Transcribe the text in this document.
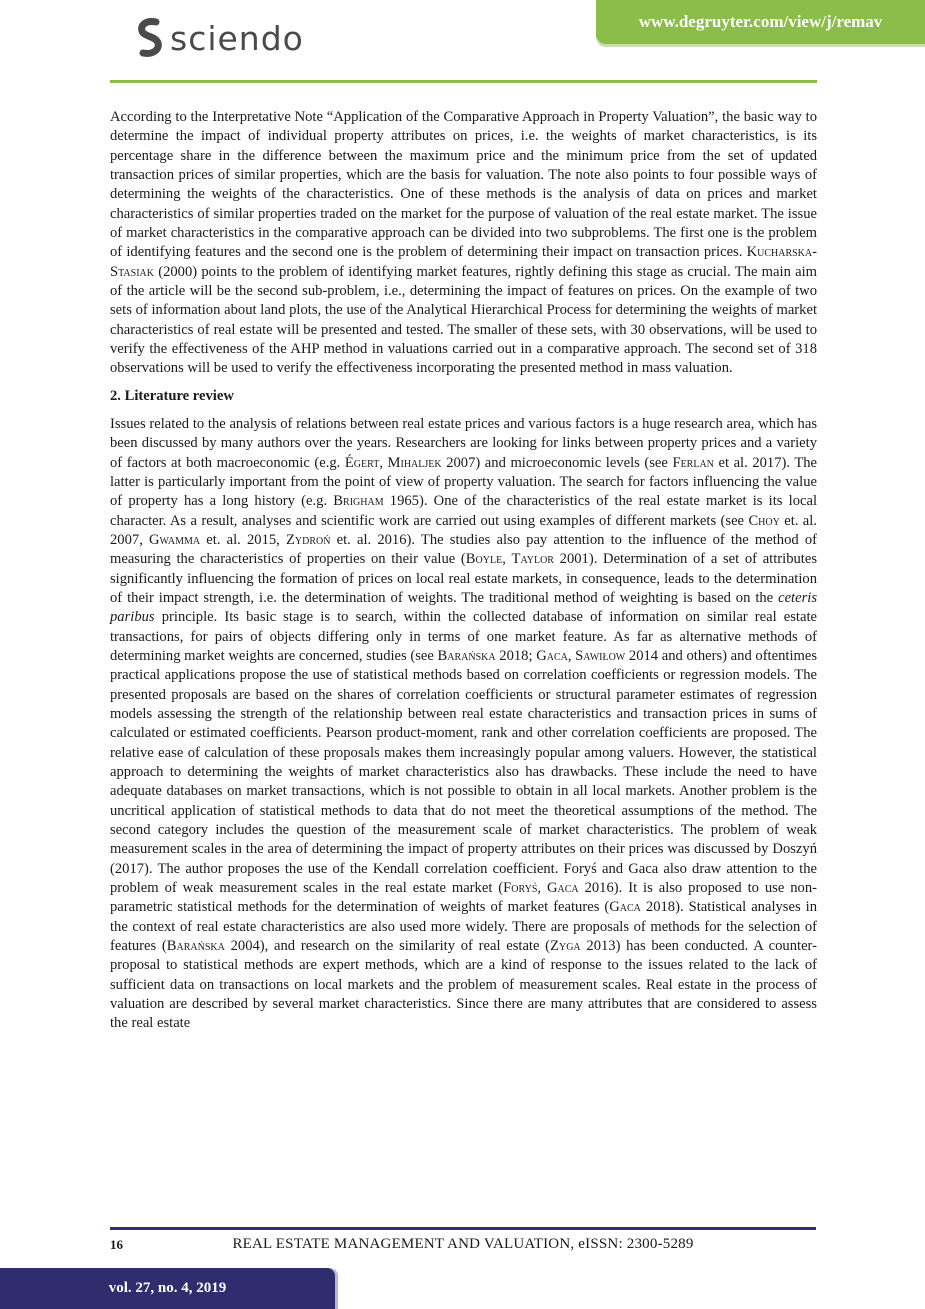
sciendo	www.degruyter.com/view/j/remav

According to the Interpretative Note “Application of the Comparative Approach in Property Valuation”, the basic way to determine the impact of individual property attributes on prices, i.e. the weights of market characteristics, is its percentage share in the difference between the maximum price and the minimum price from the set of updated transaction prices of similar properties, which are the basis for valuation. The note also points to four possible ways of determining the weights of the characteristics. One of these methods is the analysis of data on prices and market characteristics of similar properties traded on the market for the purpose of valuation of the real estate market. The issue of market characteristics in the comparative approach can be divided into two subproblems. The first one is the problem of identifying features and the second one is the problem of determining their impact on transaction prices. Kucharska-Stasiak (2000) points to the problem of identifying market features, rightly defining this stage as crucial. The main aim of the article will be the second sub-problem, i.e., determining the impact of features on prices. On the example of two sets of information about land plots, the use of the Analytical Hierarchical Process for determining the weights of market characteristics of real estate will be presented and tested. The smaller of these sets, with 30 observations, will be used to verify the effectiveness of the AHP method in valuations carried out in a comparative approach. The second set of 318 observations will be used to verify the effectiveness incorporating the presented method in mass valuation.

2. Literature review

Issues related to the analysis of relations between real estate prices and various factors is a huge research area, which has been discussed by many authors over the years. Researchers are looking for links between property prices and a variety of factors at both macroeconomic (e.g. Égert, Mihaljek 2007) and microeconomic levels (see Ferlan et al. 2017). The latter is particularly important from the point of view of property valuation. The search for factors influencing the value of property has a long history (e.g. Brigham 1965). One of the characteristics of the real estate market is its local character. As a result, analyses and scientific work are carried out using examples of different markets (see Choy et. al. 2007, Gwamma et. al. 2015, Zydroń et. al. 2016). The studies also pay attention to the influence of the method of measuring the characteristics of properties on their value (Boyle, Taylor 2001). Determination of a set of attributes significantly influencing the formation of prices on local real estate markets, in consequence, leads to the determination of their impact strength, i.e. the determination of weights. The traditional method of weighting is based on the ceteris paribus principle. Its basic stage is to search, within the collected database of information on similar real estate transactions, for pairs of objects differing only in terms of one market feature. As far as alternative methods of determining market weights are concerned, studies (see Barańska 2018; Gaca, Sawiłow 2014 and others) and oftentimes practical applications propose the use of statistical methods based on correlation coefficients or regression models. The presented proposals are based on the shares of correlation coefficients or structural parameter estimates of regression models assessing the strength of the relationship between real estate characteristics and transaction prices in sums of calculated or estimated coefficients. Pearson product-moment, rank and other correlation coefficients are proposed. The relative ease of calculation of these proposals makes them increasingly popular among valuers. However, the statistical approach to determining the weights of market characteristics also has drawbacks. These include the need to have adequate databases on market transactions, which is not possible to obtain in all local markets. Another problem is the uncritical application of statistical methods to data that do not meet the theoretical assumptions of the method. The second category includes the question of the measurement scale of market characteristics. The problem of weak measurement scales in the area of determining the impact of property attributes on their prices was discussed by Doszyń (2017). The author proposes the use of the Kendall correlation coefficient. Foryś and Gaca also draw attention to the problem of weak measurement scales in the real estate market (Foryś, Gaca 2016). It is also proposed to use non-parametric statistical methods for the determination of weights of market features (Gaca 2018). Statistical analyses in the context of real estate characteristics are also used more widely. There are proposals of methods for the selection of features (Barańska 2004), and research on the similarity of real estate (Zyga 2013) has been conducted. A counter-proposal to statistical methods are expert methods, which are a kind of response to the issues related to the lack of sufficient data on transactions on local markets and the problem of measurement scales. Real estate in the process of valuation are described by several market characteristics. Since there are many attributes that are considered to assess the real estate

16	REAL ESTATE MANAGEMENT AND VALUATION, eISSN: 2300-5289
vol. 27, no. 4, 2019
